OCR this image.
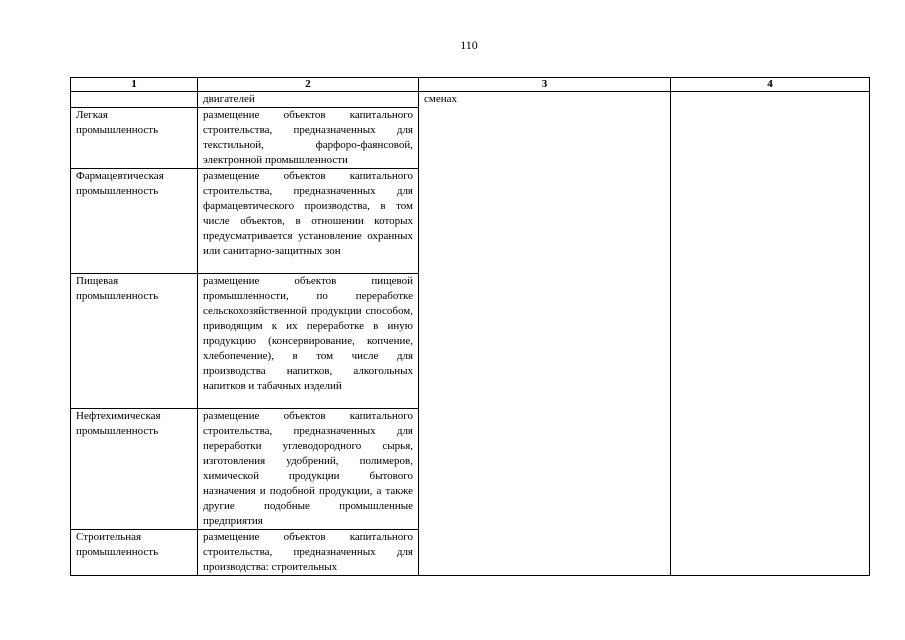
110
1	2	3	4
	двигателей	сменах	
Легкая промышленность	размещение объектов капитального строительства, предназначенных для текстильной, фарфоро-фаянсовой, электронной промышленности		
Фармацевтическая промышленность	размещение объектов капитального строительства, предназначенных для фармацевтического производства, в том числе объектов, в отношении которых предусматривается установление охранных или санитарно-защитных зон		
Пищевая промышленность	размещение объектов пищевой промышленности, по переработке сельскохозяйственной продукции способом, приводящим к их переработке в иную продукцию (консервирование, копчение, хлебопечение), в том числе для производства напитков, алкогольных напитков и табачных изделий		
Нефтехимическая промышленность	размещение объектов капитального строительства, предназначенных для переработки углеводородного сырья, изготовления удобрений, полимеров, химической продукции бытового назначения и подобной продукции, а также другие подобные промышленные предприятия		
Строительная промышленность	размещение объектов капитального строительства, предназначенных для производства: строительных		
